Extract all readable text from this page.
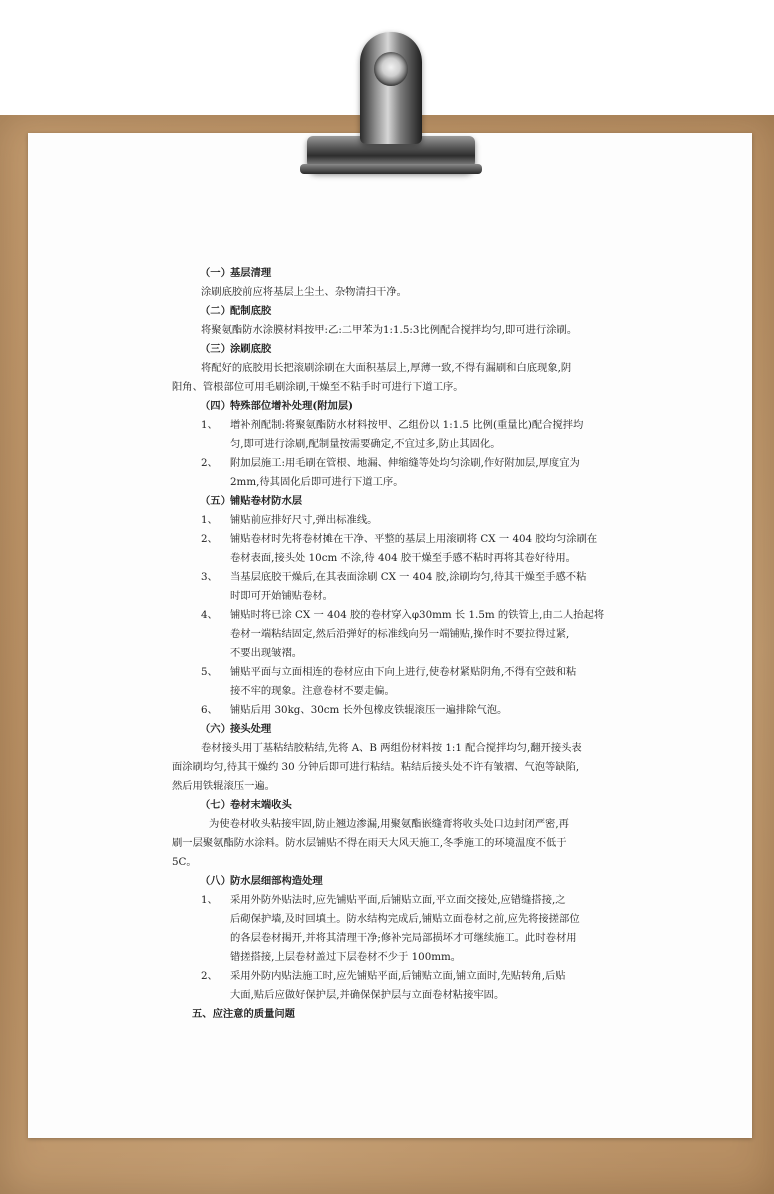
（一）基层清理
涂刷底胶前应将基层上尘土、杂物清扫干净。
（二）配制底胶
将聚氨酯防水涂膜材料按甲:乙:二甲苯为1:1.5:3比例配合搅拌均匀,即可进行涂刷。
（三）涂刷底胶
将配好的底胶用长把滚刷涂刷在大面积基层上,厚薄一致,不得有漏刷和白底现象,阴
阳角、管根部位可用毛刷涂刷,干燥至不粘手时可进行下道工序。
（四）特殊部位增补处理(附加层)
1、	增补剂配制:将聚氨酯防水材料按甲、乙组份以 1:1.5 比例(重量比)配合搅拌均
匀,即可进行涂刷,配制量按需要确定,不宜过多,防止其固化。
2、	附加层施工:用毛刷在管根、地漏、伸缩缝等处均匀涂刷,作好附加层,厚度宜为
2mm,待其固化后即可进行下道工序。
（五）铺贴卷材防水层
1、	铺贴前应排好尺寸,弹出标准线。
2、	铺贴卷材时先将卷材摊在干净、平整的基层上用滚刷将 CX 一 404 胶均匀涂刷在
卷材表面,接头处 10cm 不涂,待 404 胶干燥至手感不粘时再将其卷好待用。
3、	当基层底胶干燥后,在其表面涂刷 CX 一 404 胶,涂刷均匀,待其干燥至手感不粘
时即可开始铺贴卷材。
4、	铺贴时将已涂 CX 一 404 胶的卷材穿入φ30mm 长 1.5m 的铁管上,由二人抬起将
卷材一端粘结固定,然后沿弹好的标准线向另一端铺贴,操作时不要拉得过紧,
不要出现皱褶。
5、	铺贴平面与立面相连的卷材应由下向上进行,使卷材紧贴阴角,不得有空鼓和粘
接不牢的现象。注意卷材不要走偏。
6、	铺贴后用 30kg、30cm 长外包橡皮铁辊滚压一遍排除气泡。
（六）接头处理
卷材接头用丁基粘结胶粘结,先将 A、B 两组份材料按 1:1 配合搅拌均匀,翻开接头表
面涂刷均匀,待其干燥约 30 分钟后即可进行粘结。粘结后接头处不许有皱褶、气泡等缺陷,
然后用铁辊滚压一遍。
（七）卷材末端收头
为使卷材收头粘接牢固,防止翘边渗漏,用聚氨酯嵌缝膏将收头处口边封闭严密,再
刷一层聚氨酯防水涂料。防水层铺贴不得在雨天大风天施工,冬季施工的环境温度不低于
5C。
（八）防水层细部构造处理
1、	采用外防外贴法时,应先铺贴平面,后铺贴立面,平立面交接处,应错缝搭接,之
后砌保护墙,及时回填土。防水结构完成后,铺贴立面卷材之前,应先将接搓部位
的各层卷材揭开,并将其清理干净;修补完局部损坏才可继续施工。此时卷材用
错搓搭接,上层卷材盖过下层卷材不少于 100mm。
2、	采用外防内贴法施工时,应先铺贴平面,后铺贴立面,铺立面时,先贴转角,后贴
大面,贴后应做好保护层,并确保保护层与立面卷材粘接牢固。
五、应注意的质量问题
